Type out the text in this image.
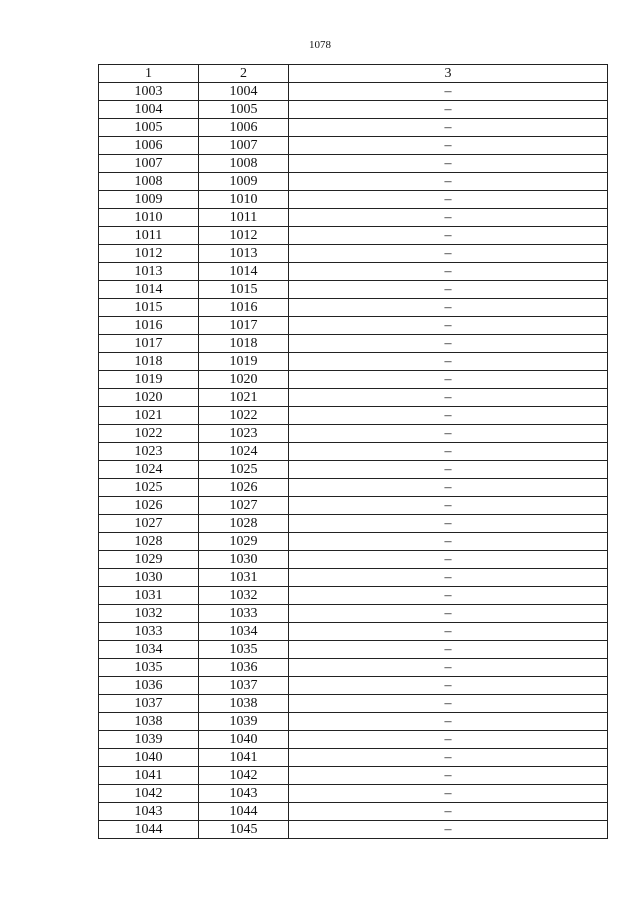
1078
1	2	3
1003	1004	–
1004	1005	–
1005	1006	–
1006	1007	–
1007	1008	–
1008	1009	–
1009	1010	–
1010	1011	–
1011	1012	–
1012	1013	–
1013	1014	–
1014	1015	–
1015	1016	–
1016	1017	–
1017	1018	–
1018	1019	–
1019	1020	–
1020	1021	–
1021	1022	–
1022	1023	–
1023	1024	–
1024	1025	–
1025	1026	–
1026	1027	–
1027	1028	–
1028	1029	–
1029	1030	–
1030	1031	–
1031	1032	–
1032	1033	–
1033	1034	–
1034	1035	–
1035	1036	–
1036	1037	–
1037	1038	–
1038	1039	–
1039	1040	–
1040	1041	–
1041	1042	–
1042	1043	–
1043	1044	–
1044	1045	–
